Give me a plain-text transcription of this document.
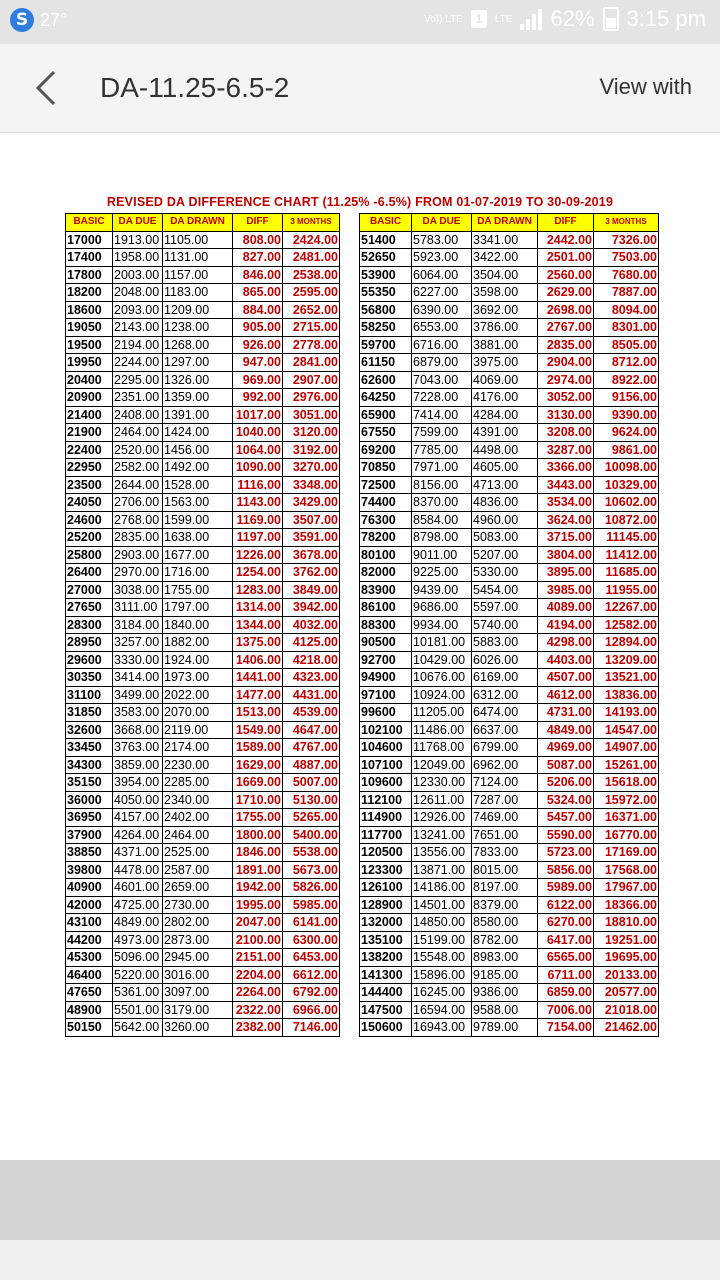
S 27°	Vo)) LTE	1	LTE 62% 3:15 pm
DA-11.25-6.5-2	View with
REVISED DA DIFFERENCE CHART (11.25% -6.5%) FROM 01-07-2019 TO 30-09-2019
BASIC	DA DUE	DA DRAWN	DIFF	3 MONTHS
17000	1913.00	1105.00	808.00	2424.00
17400	1958.00	1131.00	827.00	2481.00
17800	2003.00	1157.00	846.00	2538.00
18200	2048.00	1183.00	865.00	2595.00
18600	2093.00	1209.00	884.00	2652.00
19050	2143.00	1238.00	905.00	2715.00
19500	2194.00	1268.00	926.00	2778.00
19950	2244.00	1297.00	947.00	2841.00
20400	2295.00	1326.00	969.00	2907.00
20900	2351.00	1359.00	992.00	2976.00
21400	2408.00	1391.00	1017.00	3051.00
21900	2464.00	1424.00	1040.00	3120.00
22400	2520.00	1456.00	1064.00	3192.00
22950	2582.00	1492.00	1090.00	3270.00
23500	2644.00	1528.00	1116.00	3348.00
24050	2706.00	1563.00	1143.00	3429.00
24600	2768.00	1599.00	1169.00	3507.00
25200	2835.00	1638.00	1197.00	3591.00
25800	2903.00	1677.00	1226.00	3678.00
26400	2970.00	1716.00	1254.00	3762.00
27000	3038.00	1755.00	1283.00	3849.00
27650	3111.00	1797.00	1314.00	3942.00
28300	3184.00	1840.00	1344.00	4032.00
28950	3257.00	1882.00	1375.00	4125.00
29600	3330.00	1924.00	1406.00	4218.00
30350	3414.00	1973.00	1441.00	4323.00
31100	3499.00	2022.00	1477.00	4431.00
31850	3583.00	2070.00	1513.00	4539.00
32600	3668.00	2119.00	1549.00	4647.00
33450	3763.00	2174.00	1589.00	4767.00
34300	3859.00	2230.00	1629.00	4887.00
35150	3954.00	2285.00	1669.00	5007.00
36000	4050.00	2340.00	1710.00	5130.00
36950	4157.00	2402.00	1755.00	5265.00
37900	4264.00	2464.00	1800.00	5400.00
38850	4371.00	2525.00	1846.00	5538.00
39800	4478.00	2587.00	1891.00	5673.00
40900	4601.00	2659.00	1942.00	5826.00
42000	4725.00	2730.00	1995.00	5985.00
43100	4849.00	2802.00	2047.00	6141.00
44200	4973.00	2873.00	2100.00	6300.00
45300	5096.00	2945.00	2151.00	6453.00
46400	5220.00	3016.00	2204.00	6612.00
47650	5361.00	3097.00	2264.00	6792.00
48900	5501.00	3179.00	2322.00	6966.00
50150	5642.00	3260.00	2382.00	7146.00
BASIC	DA DUE	DA DRAWN	DIFF	3 MONTHS
51400	5783.00	3341.00	2442.00	7326.00
52650	5923.00	3422.00	2501.00	7503.00
53900	6064.00	3504.00	2560.00	7680.00
55350	6227.00	3598.00	2629.00	7887.00
56800	6390.00	3692.00	2698.00	8094.00
58250	6553.00	3786.00	2767.00	8301.00
59700	6716.00	3881.00	2835.00	8505.00
61150	6879.00	3975.00	2904.00	8712.00
62600	7043.00	4069.00	2974.00	8922.00
64250	7228.00	4176.00	3052.00	9156.00
65900	7414.00	4284.00	3130.00	9390.00
67550	7599.00	4391.00	3208.00	9624.00
69200	7785.00	4498.00	3287.00	9861.00
70850	7971.00	4605.00	3366.00	10098.00
72500	8156.00	4713.00	3443.00	10329.00
74400	8370.00	4836.00	3534.00	10602.00
76300	8584.00	4960.00	3624.00	10872.00
78200	8798.00	5083.00	3715.00	11145.00
80100	9011.00	5207.00	3804.00	11412.00
82000	9225.00	5330.00	3895.00	11685.00
83900	9439.00	5454.00	3985.00	11955.00
86100	9686.00	5597.00	4089.00	12267.00
88300	9934.00	5740.00	4194.00	12582.00
90500	10181.00	5883.00	4298.00	12894.00
92700	10429.00	6026.00	4403.00	13209.00
94900	10676.00	6169.00	4507.00	13521.00
97100	10924.00	6312.00	4612.00	13836.00
99600	11205.00	6474.00	4731.00	14193.00
102100	11486.00	6637.00	4849.00	14547.00
104600	11768.00	6799.00	4969.00	14907.00
107100	12049.00	6962.00	5087.00	15261.00
109600	12330.00	7124.00	5206.00	15618.00
112100	12611.00	7287.00	5324.00	15972.00
114900	12926.00	7469.00	5457.00	16371.00
117700	13241.00	7651.00	5590.00	16770.00
120500	13556.00	7833.00	5723.00	17169.00
123300	13871.00	8015.00	5856.00	17568.00
126100	14186.00	8197.00	5989.00	17967.00
128900	14501.00	8379.00	6122.00	18366.00
132000	14850.00	8580.00	6270.00	18810.00
135100	15199.00	8782.00	6417.00	19251.00
138200	15548.00	8983.00	6565.00	19695.00
141300	15896.00	9185.00	6711.00	20133.00
144400	16245.00	9386.00	6859.00	20577.00
147500	16594.00	9588.00	7006.00	21018.00
150600	16943.00	9789.00	7154.00	21462.00
